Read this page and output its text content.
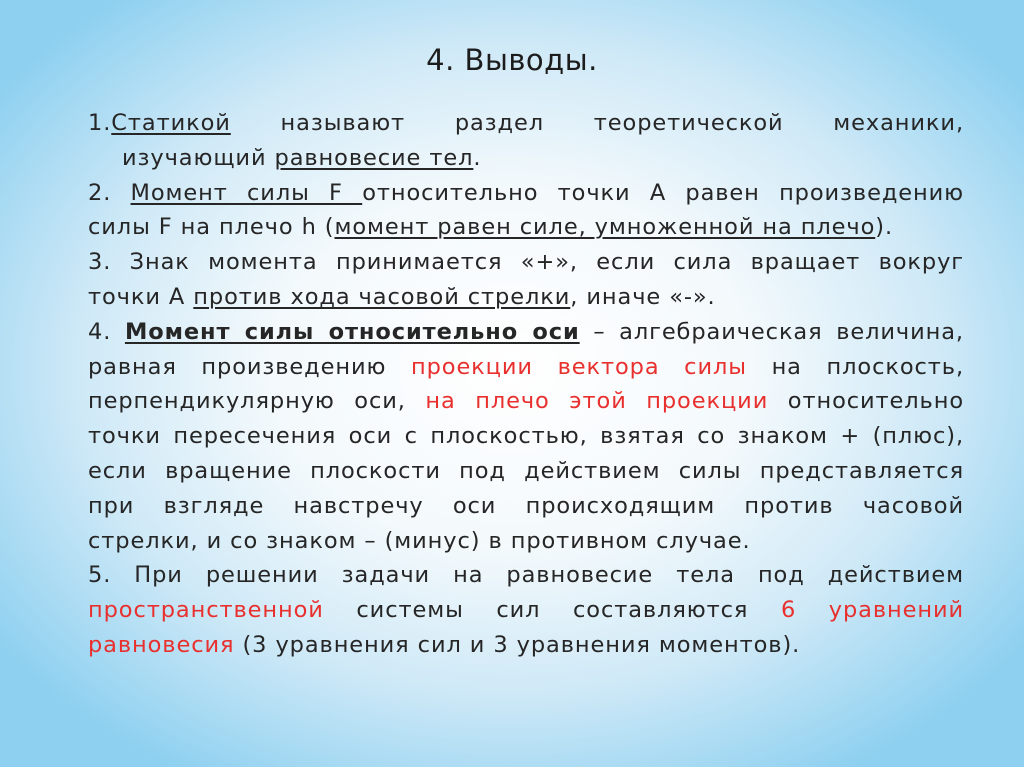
4. Выводы.
1.Статикой называют раздел теоретической механики,
изучающий равновесие тел.
2. Момент силы F относительно точки А равен произведению
силы F на плечо h (момент равен силе, умноженной на плечо).
3. Знак момента принимается «+», если сила вращает вокруг
точки А против хода часовой стрелки, иначе «-».
4. Момент силы относительно оси – алгебраическая величина,
равная произведению проекции вектора силы на плоскость,
перпендикулярную оси, на плечо этой проекции относительно
точки пересечения оси с плоскостью, взятая со знаком + (плюс),
если вращение плоскости под действием силы представляется
при взгляде навстречу оси происходящим против часовой
стрелки, и со знаком – (минус) в противном случае.
5. При решении задачи на равновесие тела под действием
пространственной системы сил составляются 6 уравнений
равновесия (3 уравнения сил и 3 уравнения моментов).
